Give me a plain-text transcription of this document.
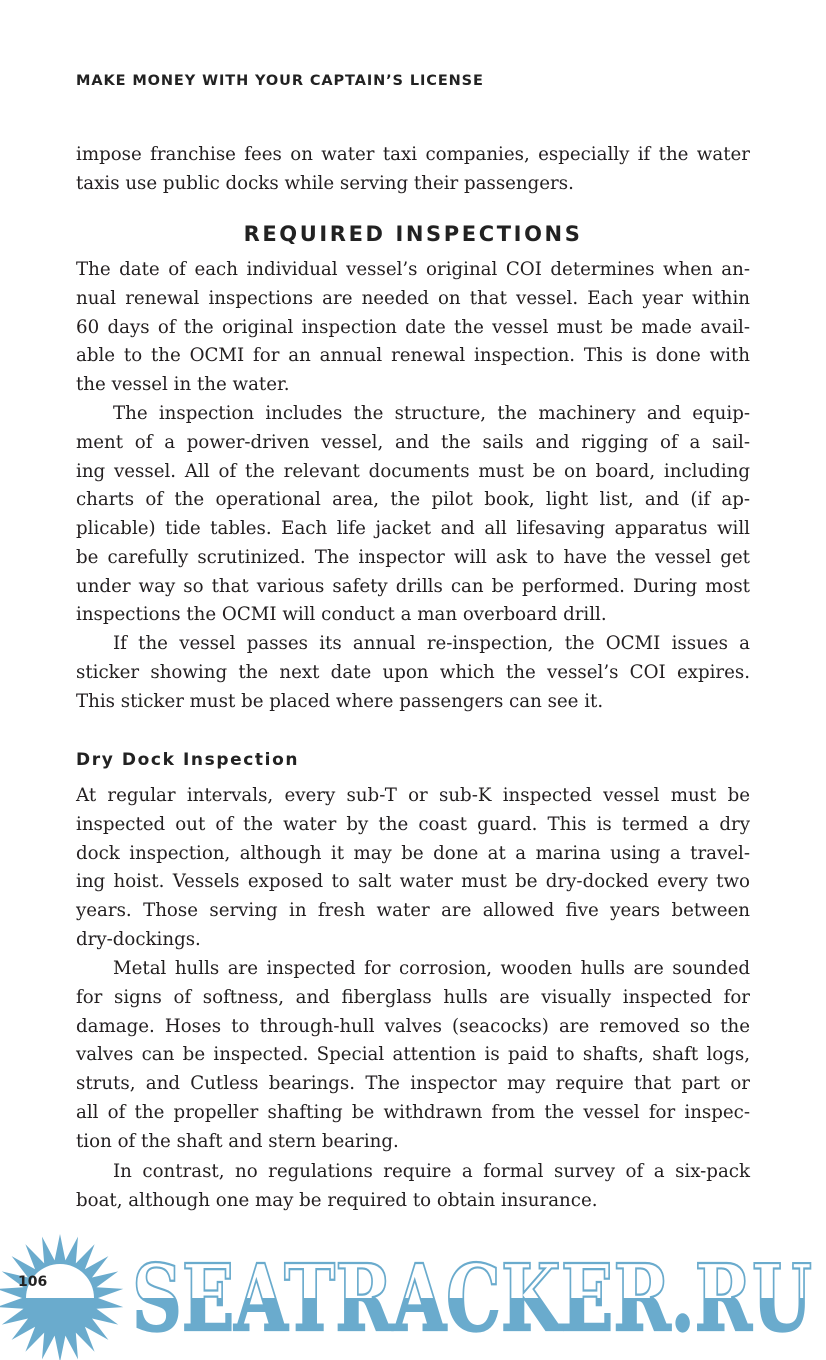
MAKE MONEY WITH YOUR CAPTAIN’S LICENSE
impose franchise fees on water taxi companies, especially if the water
taxis use public docks while serving their passengers.
REQUIRED INSPECTIONS
The date of each individual vessel’s original COI determines when an-
nual renewal inspections are needed on that vessel. Each year within
60 days of the original inspection date the vessel must be made avail-
able to the OCMI for an annual renewal inspection. This is done with
the vessel in the water.
The inspection includes the structure, the machinery and equip-
ment of a power-driven vessel, and the sails and rigging of a sail-
ing vessel. All of the relevant documents must be on board, including
charts of the operational area, the pilot book, light list, and (if ap-
plicable) tide tables. Each life jacket and all lifesaving apparatus will
be carefully scrutinized. The inspector will ask to have the vessel get
under way so that various safety drills can be performed. During most
inspections the OCMI will conduct a man overboard drill.
If the vessel passes its annual re-inspection, the OCMI issues a
sticker showing the next date upon which the vessel’s COI expires.
This sticker must be placed where passengers can see it.
Dry Dock Inspection
At regular intervals, every sub-T or sub-K inspected vessel must be
inspected out of the water by the coast guard. This is termed a dry
dock inspection, although it may be done at a marina using a travel-
ing hoist. Vessels exposed to salt water must be dry-docked every two
years. Those serving in fresh water are allowed five years between
dry-dockings.
Metal hulls are inspected for corrosion, wooden hulls are sounded
for signs of softness, and fiberglass hulls are visually inspected for
damage. Hoses to through-hull valves (seacocks) are removed so the
valves can be inspected. Special attention is paid to shafts, shaft logs,
struts, and Cutless bearings. The inspector may require that part or
all of the propeller shafting be withdrawn from the vessel for inspec-
tion of the shaft and stern bearing.
In contrast, no regulations require a formal survey of a six-pack
boat, although one may be required to obtain insurance.
106 SEATRACKER.RU
